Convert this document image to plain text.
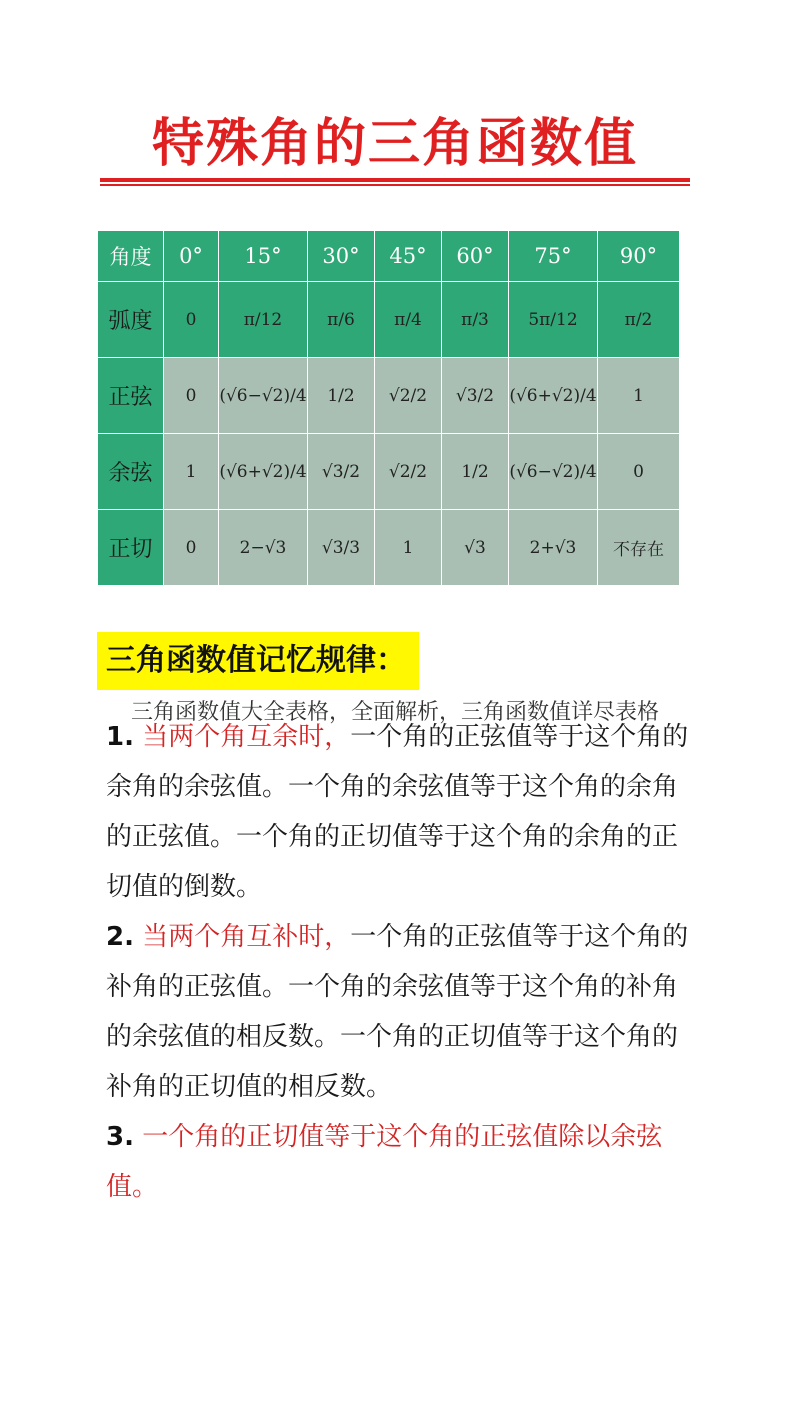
特殊角的三角函数值
角度	0°	15°	30°	45°	60°	75°	90°
弧度	0	π/12	π/6	π/4	π/3	5π/12	π/2
正弦	0	(√6−√2)/4	1/2	√2/2	√3/2	(√6+√2)/4	1
余弦	1	(√6+√2)/4	√3/2	√2/2	1/2	(√6−√2)/4	0
正切	0	2−√3	√3/3	1	√3	2+√3	不存在
三角函数值记忆规律：

1. 当两个角互余时，一个角的正弦值等于这个角的余角的余弦值。一个角的余弦值等于这个角的余角的正弦值。一个角的正切值等于这个角的余角的正切值的倒数。

2. 当两个角互补时，一个角的正弦值等于这个角的补角的正弦值。一个角的余弦值等于这个角的补角的余弦值的相反数。一个角的正切值等于这个角的补角的正切值的相反数。

3. 一个角的正切值等于这个角的正弦值除以余弦值。

三角函数值大全表格，全面解析，三角函数值详尽表格
